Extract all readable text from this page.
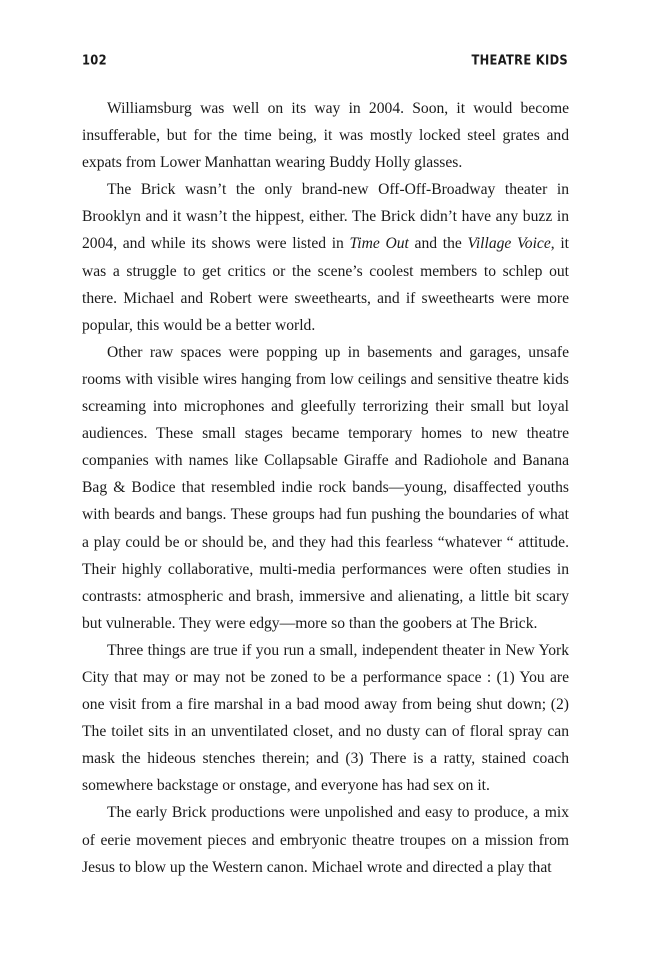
102	THEATRE KIDS

Williamsburg was well on its way in 2004. Soon, it would become insufferable, but for the time being, it was mostly locked steel grates and expats from Lower Manhattan wearing Buddy Holly glasses.

The Brick wasn’t the only brand-new Off-Off-Broadway theater in Brooklyn and it wasn’t the hippest, either. The Brick didn’t have any buzz in 2004, and while its shows were listed in Time Out and the Village Voice, it was a struggle to get critics or the scene’s coolest members to schlep out there. Michael and Robert were sweethearts, and if sweethearts were more popular, this would be a better world.

Other raw spaces were popping up in basements and garages, unsafe rooms with visible wires hanging from low ceilings and sensitive theatre kids screaming into microphones and gleefully terrorizing their small but loyal audiences. These small stages became temporary homes to new theatre companies with names like Collapsable Giraffe and Radiohole and Banana Bag & Bodice that resembled indie rock bands—young, disaffected youths with beards and bangs. These groups had fun pushing the boundaries of what a play could be or should be, and they had this fearless “whatever “ attitude. Their highly collaborative, multi-media performances were often studies in contrasts: atmospheric and brash, immersive and alienating, a little bit scary but vulnerable. They were edgy—more so than the goobers at The Brick.

Three things are true if you run a small, independent theater in New York City that may or may not be zoned to be a performance space : (1) You are one visit from a fire marshal in a bad mood away from being shut down; (2) The toilet sits in an unventilated closet, and no dusty can of floral spray can mask the hideous stenches therein; and (3) There is a ratty, stained coach somewhere backstage or onstage, and everyone has had sex on it.

The early Brick productions were unpolished and easy to produce, a mix of eerie movement pieces and embryonic theatre troupes on a mission from Jesus to blow up the Western canon. Michael wrote and directed a play that
